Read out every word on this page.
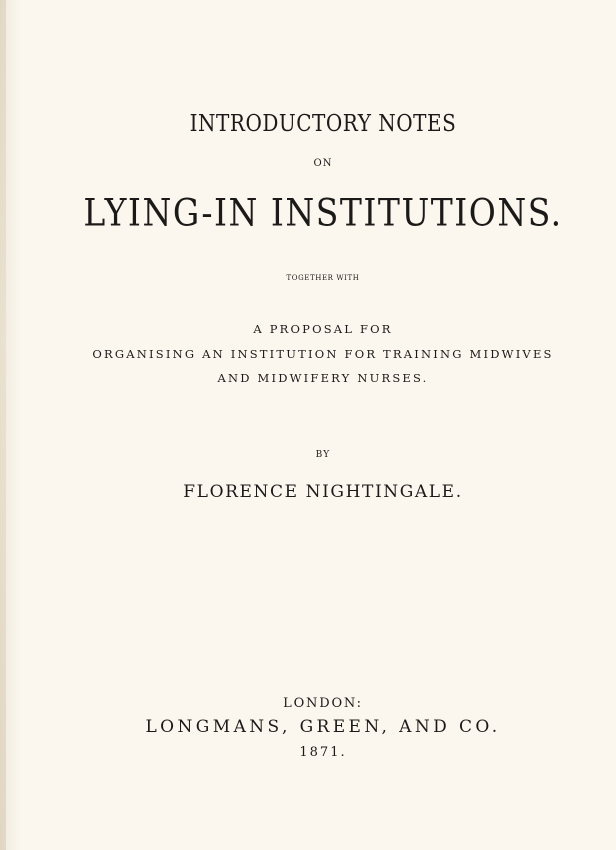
INTRODUCTORY NOTES
ON
LYING-IN INSTITUTIONS.
TOGETHER WITH
A PROPOSAL FOR
ORGANISING AN INSTITUTION FOR TRAINING MIDWIVES
AND MIDWIFERY NURSES.
BY
FLORENCE NIGHTINGALE.
LONDON:
LONGMANS, GREEN, AND CO.
1871.
